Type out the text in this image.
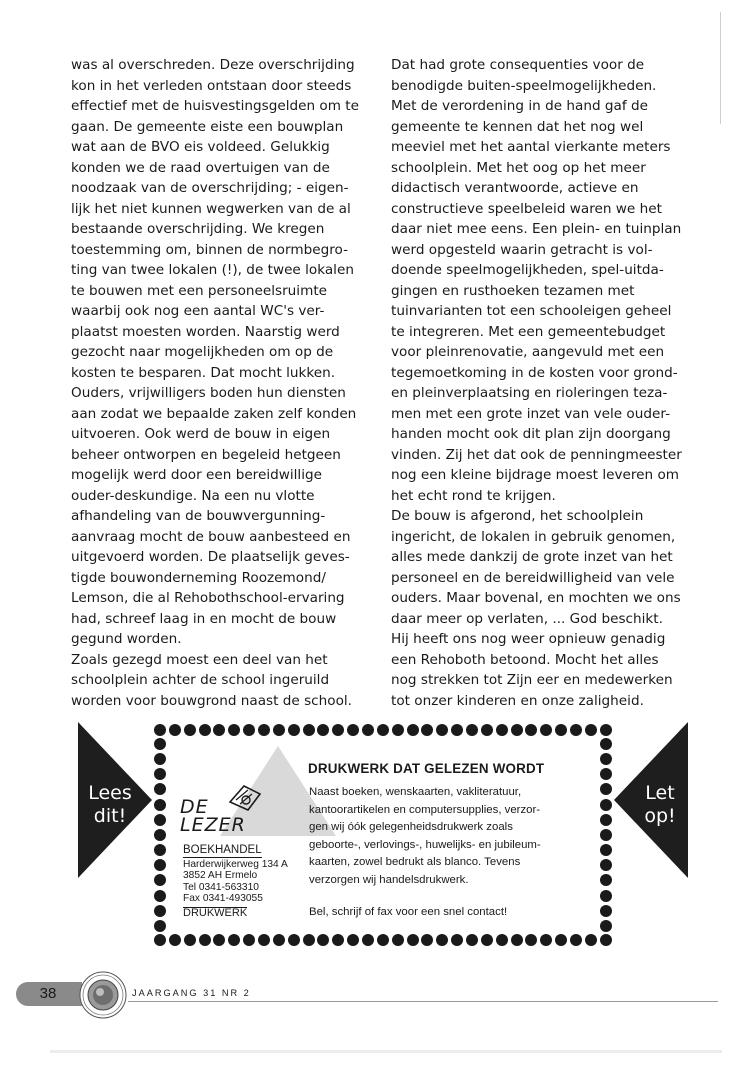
was al overschreden. Deze overschrijding

kon in het verleden ontstaan door steeds

effectief met de huisvestingsgelden om te

gaan. De gemeente eiste een bouwplan

wat aan de BVO eis voldeed. Gelukkig

konden we de raad overtuigen van de

noodzaak van de overschrijding; - eigen-

lijk het niet kunnen wegwerken van de al

bestaande overschrijding. We kregen

toestemming om, binnen de normbegro-

ting van twee lokalen (!), de twee lokalen

te bouwen met een personeelsruimte

waarbij ook nog een aantal WC's ver-

plaatst moesten worden. Naarstig werd

gezocht naar mogelijkheden om op de

kosten te besparen. Dat mocht lukken.

Ouders, vrijwilligers boden hun diensten

aan zodat we bepaalde zaken zelf konden

uitvoeren. Ook werd de bouw in eigen

beheer ontworpen en begeleid hetgeen

mogelijk werd door een bereidwillige

ouder-deskundige. Na een nu vlotte

afhandeling van de bouwvergunning-

aanvraag mocht de bouw aanbesteed en

uitgevoerd worden. De plaatselijk geves-

tigde bouwonderneming Roozemond/

Lemson, die al Rehobothschool-ervaring

had, schreef laag in en mocht de bouw

gegund worden.

Zoals gezegd moest een deel van het

schoolplein achter de school ingeruild

worden voor bouwgrond naast de school.

Dat had grote consequenties voor de

benodigde buiten-speelmogelijkheden.

Met de verordening in de hand gaf de

gemeente te kennen dat het nog wel

meeviel met het aantal vierkante meters

schoolplein. Met het oog op het meer

didactisch verantwoorde, actieve en

constructieve speelbeleid waren we het

daar niet mee eens. Een plein- en tuinplan

werd opgesteld waarin getracht is vol-

doende speelmogelijkheden, spel-uitda-

gingen en rusthoeken tezamen met

tuinvarianten tot een schooleigen geheel

te integreren. Met een gemeentebudget

voor pleinrenovatie, aangevuld met een

tegemoetkoming in de kosten voor grond-

en pleinverplaatsing en rioleringen teza-

men met een grote inzet van vele ouder-

handen mocht ook dit plan zijn doorgang

vinden. Zij het dat ook de penningmeester

nog een kleine bijdrage moest leveren om

het echt rond te krijgen.

De bouw is afgerond, het schoolplein

ingericht, de lokalen in gebruik genomen,

alles mede dankzij de grote inzet van het

personeel en de bereidwilligheid van vele

ouders. Maar bovenal, en mochten we ons

daar meer op verlaten, ... God beschikt.

Hij heeft ons nog weer opnieuw genadig

een Rehoboth betoond. Mocht het alles

nog strekken tot Zijn eer en medewerken

tot onzer kinderen en onze zaligheid.

Lees
dit!
Let
op!
DE
LEZER
BOEKHANDEL
Harderwijkerweg 134 A
3852 AH Ermelo
Tel 0341-563310
Fax 0341-493055
DRUKWERK
DRUKWERK DAT GELEZEN WORDT

Naast boeken, wenskaarten, vakliteratuur,

kantoorartikelen en computersupplies, verzor-

gen wij óók gelegenheidsdrukwerk zoals

geboorte-, verlovings-, huwelijks- en jubileum-

kaarten, zowel bedrukt als blanco. Tevens

verzorgen wij handelsdrukwerk.

Bel, schrijf of fax voor een snel contact!
38	JAARGANG 31 NR 2
